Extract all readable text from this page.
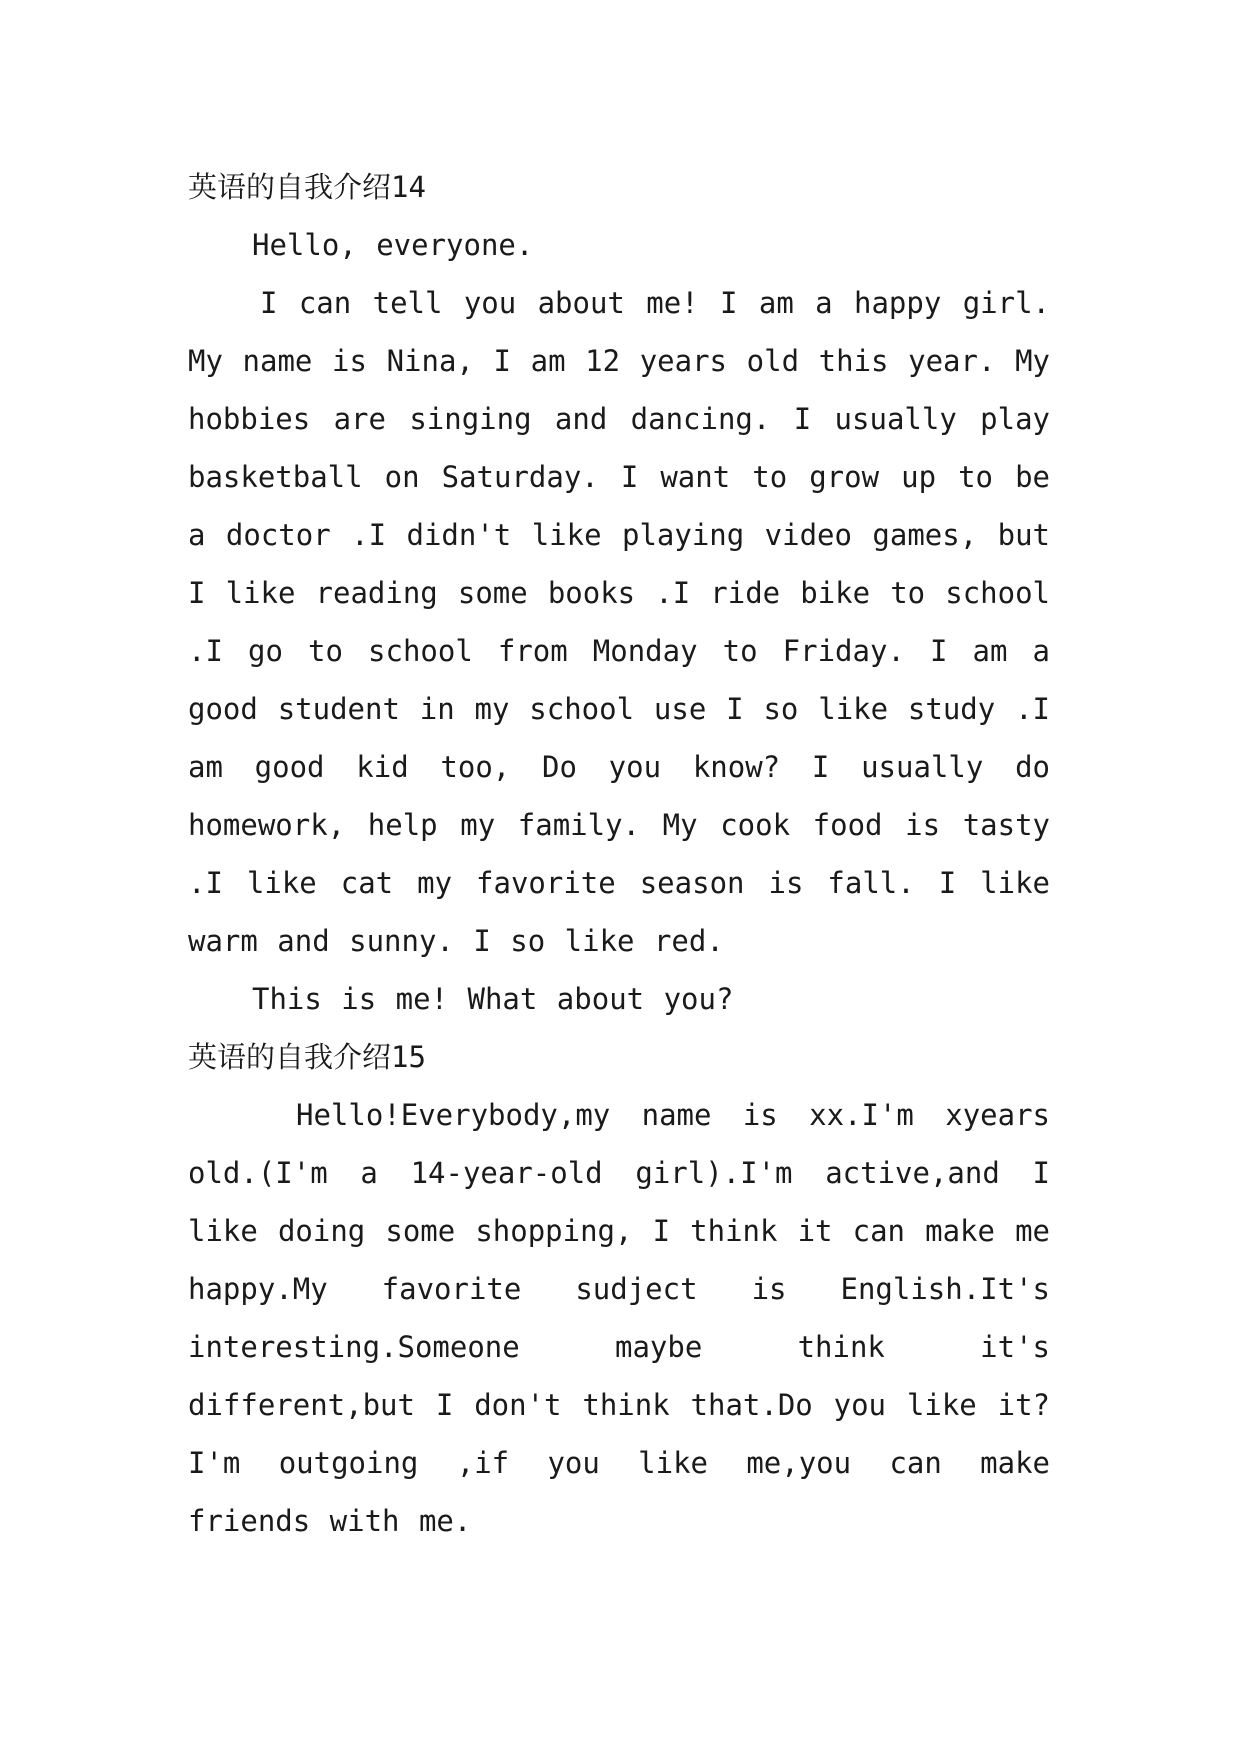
英语的自我介绍14

Hello, everyone.

I can tell you about me! I am a happy girl. My name is Nina, I am 12 years old this year. My hobbies are singing and dancing. I usually play basketball on Saturday. I want to grow up to be a doctor .I didn't like playing video games, but I like reading some books .I ride bike to school .I go to school from Monday to Friday. I am a good student in my school use I so like study .I am good kid too, Do you know? I usually do homework, help my family. My cook food is tasty .I like cat my favorite season is fall. I like warm and sunny. I so like red.

This is me! What about you?

英语的自我介绍15

Hello!Everybody,my name is xx.I'm xyears old.(I'm a 14-year-old girl).I'm active,and I like doing some shopping, I think it can make me happy.My favorite sudject is English.It's interesting.Someone maybe think it's different,but I don't think that.Do you like it? I'm outgoing ,if you like me,you can make friends with me.
